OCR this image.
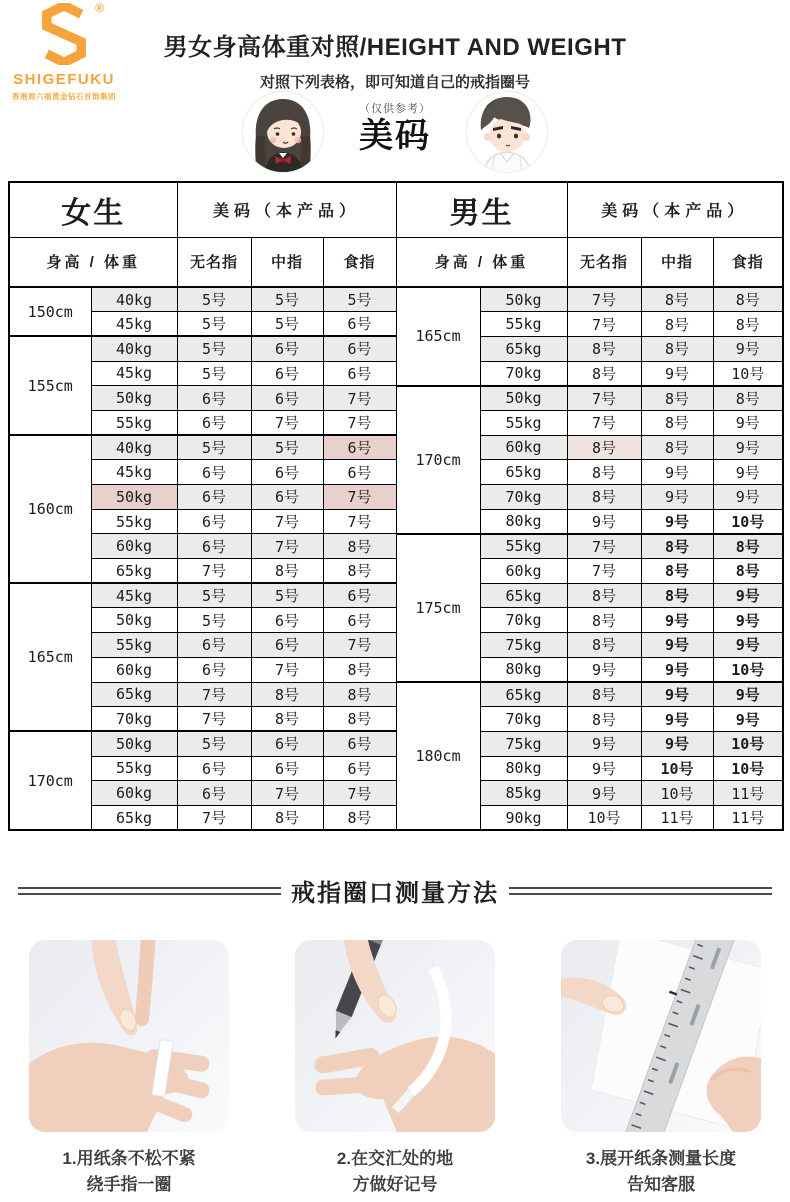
®
SHIGEFUKU
香港周六福黄金钻石首饰集团
男女身高体重对照/HEIGHT AND WEIGHT
对照下列表格，即可知道自己的戒指圈号
（仅供参考）
美码
女生		美码（本产品）			男生		美码（本产品）		
身高 / 体重		无名指	中指	食指	身高 / 体重		无名指	中指	食指
150cm	40kg	5号	5号	5号	165cm	50kg	7号	8号	8号
	45kg	5号	5号	6号		55kg	7号	8号	8号
155cm	40kg	5号	6号	6号		65kg	8号	8号	9号
	45kg	5号	6号	6号		70kg	8号	9号	10号
	50kg	6号	6号	7号	170cm	50kg	7号	8号	8号
	55kg	6号	7号	7号		55kg	7号	8号	9号
160cm	40kg	5号	5号	6号		60kg	8号	8号	9号
	45kg	6号	6号	6号		65kg	8号	9号	9号
	50kg	6号	6号	7号		70kg	8号	9号	9号
	55kg	6号	7号	7号		80kg	9号	9号	10号
	60kg	6号	7号	8号	175cm	55kg	7号	8号	8号
	65kg	7号	8号	8号		60kg	7号	8号	8号
165cm	45kg	5号	5号	6号		65kg	8号	8号	9号
	50kg	5号	6号	6号		70kg	8号	9号	9号
	55kg	6号	6号	7号		75kg	8号	9号	9号
	60kg	6号	7号	8号		80kg	9号	9号	10号
	65kg	7号	8号	8号	180cm	65kg	8号	9号	9号
	70kg	7号	8号	8号		70kg	8号	9号	9号
170cm	50kg	5号	6号	6号		75kg	9号	9号	10号
	55kg	6号	6号	6号		80kg	9号	10号	10号
	60kg	6号	7号	7号		85kg	9号	10号	11号
	65kg	7号	8号	8号		90kg	10号	11号	11号
戒指圈口测量方法
1.用纸条不松不紧
绕手指一圈
2.在交汇处的地
方做好记号
3.展开纸条测量长度
告知客服
